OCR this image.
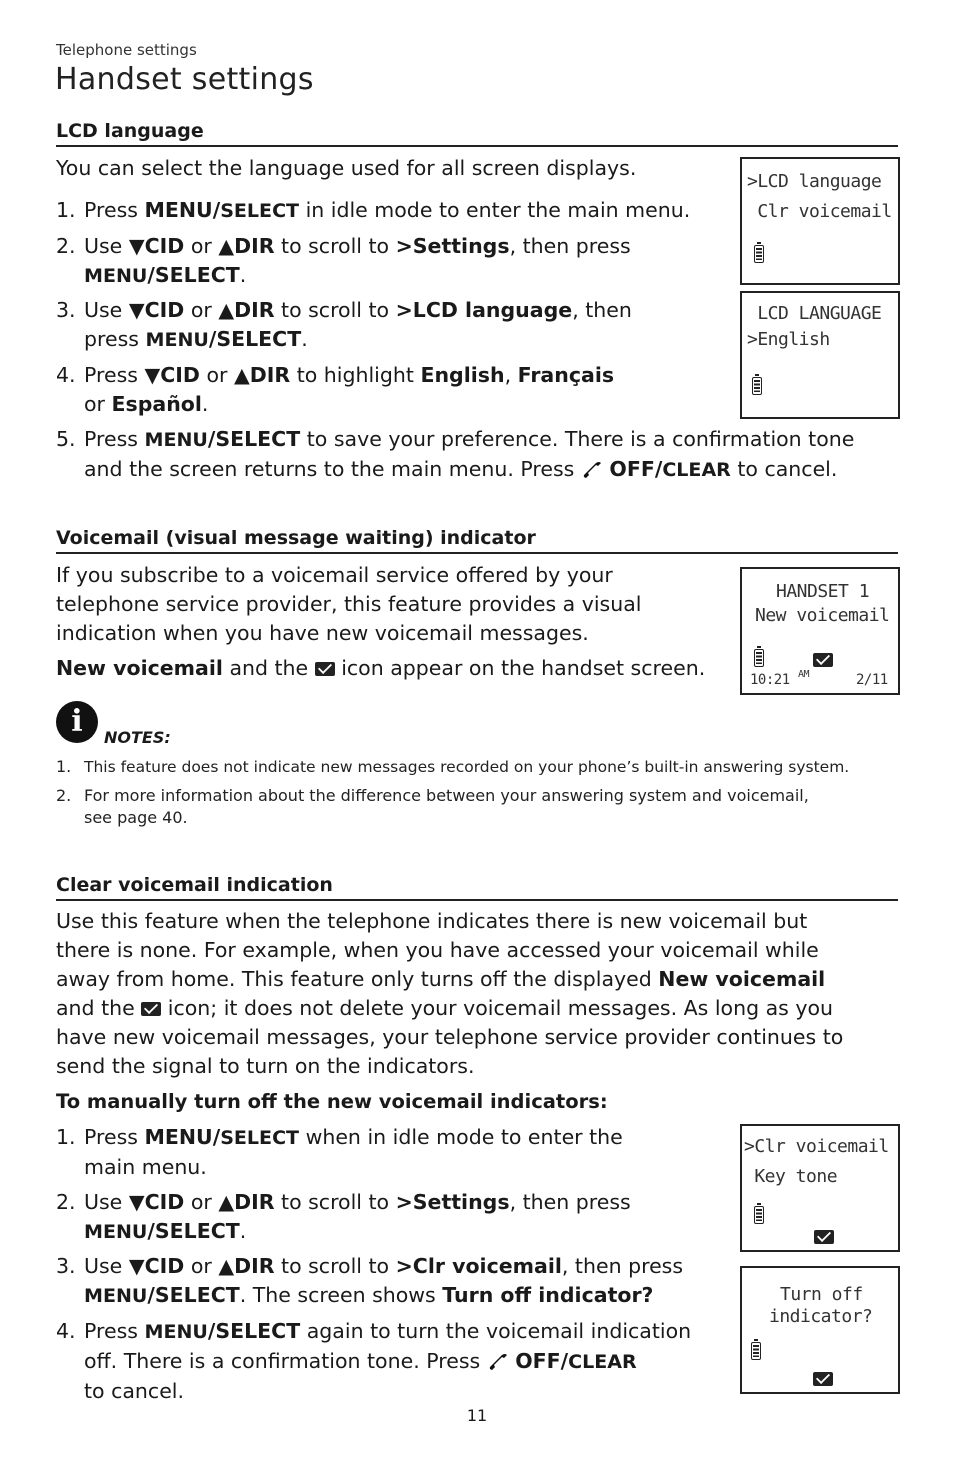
Telephone settings
Handset settings
LCD language
You can select the language used for all screen displays.
1. Press MENU/SELECT in idle mode to enter the main menu.
2. Use ▼CID or ▲DIR to scroll to >Settings, then press
MENU/SELECT.
3. Use ▼CID or ▲DIR to scroll to >LCD language, then
press MENU/SELECT.
4. Press ▼CID or ▲DIR to highlight English, Français
or Español.
5. Press MENU/SELECT to save your preference. There is a confirmation tone
and the screen returns to the main menu. Press  OFF/CLEAR to cancel.
>LCD language
Clr voicemail
LCD LANGUAGE
>English
Voicemail (visual message waiting) indicator
If you subscribe to a voicemail service offered by your
telephone service provider, this feature provides a visual
indication when you have new voicemail messages.
New voicemail and the  icon appear on the handset screen.
HANDSET 1
New voicemail
10:21 AM	2/11
i	NOTES:
1. This feature does not indicate new messages recorded on your phone’s built-in answering system.
2. For more information about the difference between your answering system and voicemail,
see page 40.
Clear voicemail indication
Use this feature when the telephone indicates there is new voicemail but
there is none. For example, when you have accessed your voicemail while
away from home. This feature only turns off the displayed New voicemail
and the  icon; it does not delete your voicemail messages. As long as you
have new voicemail messages, your telephone service provider continues to
send the signal to turn on the indicators.
To manually turn off the new voicemail indicators:
1. Press MENU/SELECT when in idle mode to enter the
main menu.
2. Use ▼CID or ▲DIR to scroll to >Settings, then press
MENU/SELECT.
3. Use ▼CID or ▲DIR to scroll to >Clr voicemail, then press
MENU/SELECT. The screen shows Turn off indicator?
4. Press MENU/SELECT again to turn the voicemail indication
off. There is a confirmation tone. Press  OFF/CLEAR
to cancel.
>Clr voicemail
Key tone
Turn off
indicator?
11
